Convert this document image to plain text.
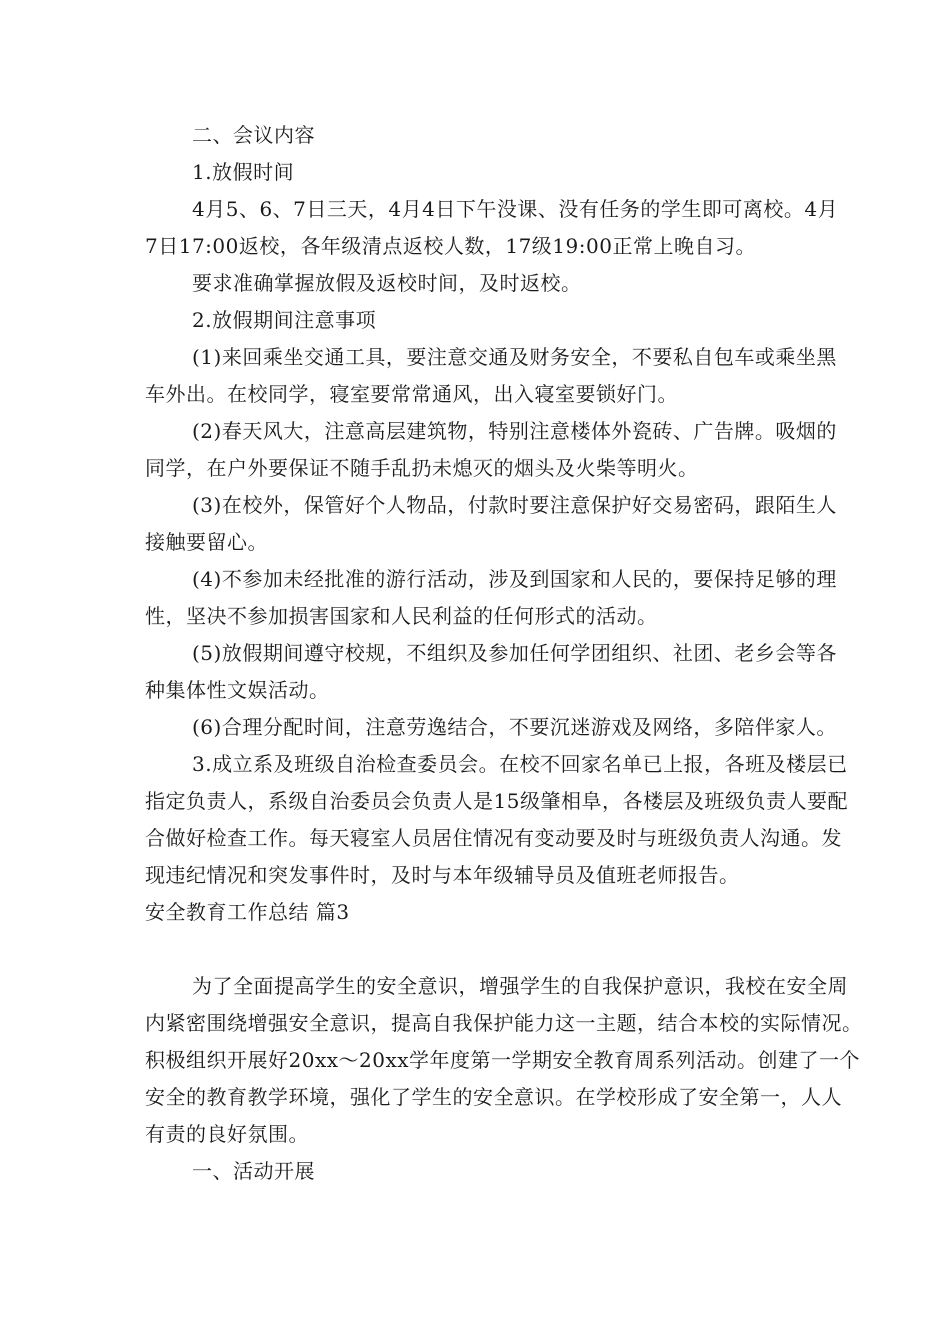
二、会议内容
1.放假时间
4月5、6、7日三天，4月4日下午没课、没有任务的学生即可离校。4月
7日17:00返校，各年级清点返校人数，17级19:00正常上晚自习。
要求准确掌握放假及返校时间，及时返校。
2.放假期间注意事项
(1)来回乘坐交通工具，要注意交通及财务安全，不要私自包车或乘坐黑
车外出。在校同学，寝室要常常通风，出入寝室要锁好门。
(2)春天风大，注意高层建筑物，特别注意楼体外瓷砖、广告牌。吸烟的
同学，在户外要保证不随手乱扔未熄灭的烟头及火柴等明火。
(3)在校外，保管好个人物品，付款时要注意保护好交易密码，跟陌生人
接触要留心。
(4)不参加未经批准的游行活动，涉及到国家和人民的，要保持足够的理
性，坚决不参加损害国家和人民利益的任何形式的活动。
(5)放假期间遵守校规，不组织及参加任何学团组织、社团、老乡会等各
种集体性文娱活动。
(6)合理分配时间，注意劳逸结合，不要沉迷游戏及网络，多陪伴家人。
3.成立系及班级自治检查委员会。在校不回家名单已上报，各班及楼层已
指定负责人，系级自治委员会负责人是15级肇相阜，各楼层及班级负责人要配
合做好检查工作。每天寝室人员居住情况有变动要及时与班级负责人沟通。发
现违纪情况和突发事件时，及时与本年级辅导员及值班老师报告。
安全教育工作总结 篇3
为了全面提高学生的安全意识，增强学生的自我保护意识，我校在安全周
内紧密围绕增强安全意识，提高自我保护能力这一主题，结合本校的实际情况。
积极组织开展好20xx～20xx学年度第一学期安全教育周系列活动。创建了一个
安全的教育教学环境，强化了学生的安全意识。在学校形成了安全第一，人人
有责的良好氛围。
一、活动开展
